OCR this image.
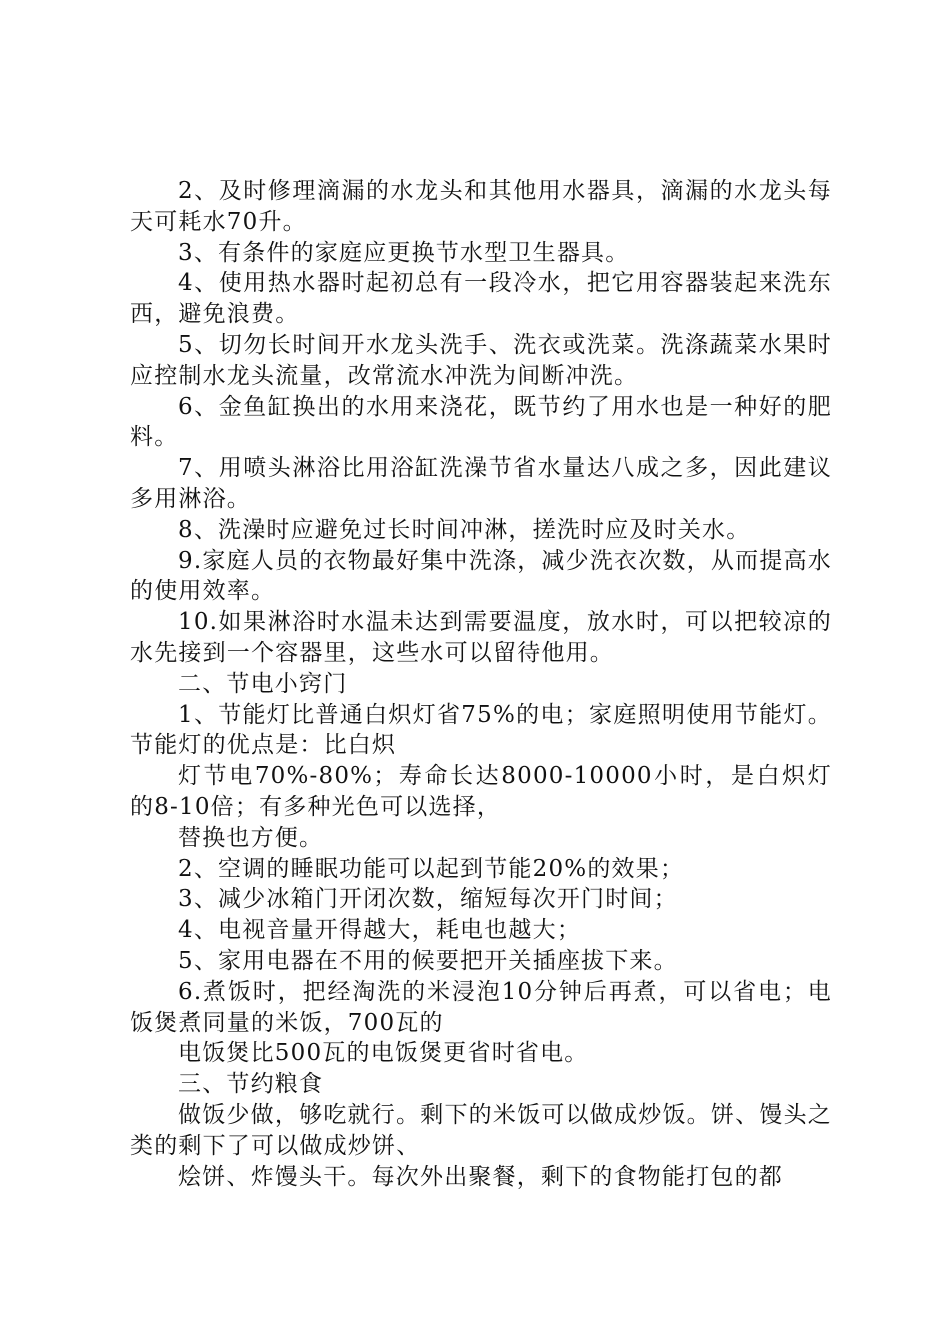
2、及时修理滴漏的水龙头和其他用水器具，滴漏的水龙头每天可耗水70升。

3、有条件的家庭应更换节水型卫生器具。

4、使用热水器时起初总有一段冷水，把它用容器装起来洗东西，避免浪费。

5、切勿长时间开水龙头洗手、洗衣或洗菜。洗涤蔬菜水果时应控制水龙头流量，改常流水冲洗为间断冲洗。

6、金鱼缸换出的水用来浇花，既节约了用水也是一种好的肥料。

7、用喷头淋浴比用浴缸洗澡节省水量达八成之多，因此建议多用淋浴。

8、洗澡时应避免过长时间冲淋，搓洗时应及时关水。

9.家庭人员的衣物最好集中洗涤，减少洗衣次数，从而提高水的使用效率。

10.如果淋浴时水温未达到需要温度，放水时，可以把较凉的水先接到一个容器里，这些水可以留待他用。

二、节电小窍门

1、节能灯比普通白炽灯省75%的电；家庭照明使用节能灯。节能灯的优点是：比白炽

灯节电70%-80%；寿命长达8000-10000小时，是白炽灯的8-10倍；有多种光色可以选择，

替换也方便。

2、空调的睡眠功能可以起到节能20%的效果；

3、减少冰箱门开闭次数，缩短每次开门时间；

4、电视音量开得越大，耗电也越大；

5、家用电器在不用的候要把开关插座拔下来。

6.煮饭时，把经淘洗的米浸泡10分钟后再煮，可以省电；电饭煲煮同量的米饭，700瓦的

电饭煲比500瓦的电饭煲更省时省电。

三、节约粮食

做饭少做，够吃就行。剩下的米饭可以做成炒饭。饼、馒头之类的剩下了可以做成炒饼、

烩饼、炸馒头干。每次外出聚餐，剩下的食物能打包的都
